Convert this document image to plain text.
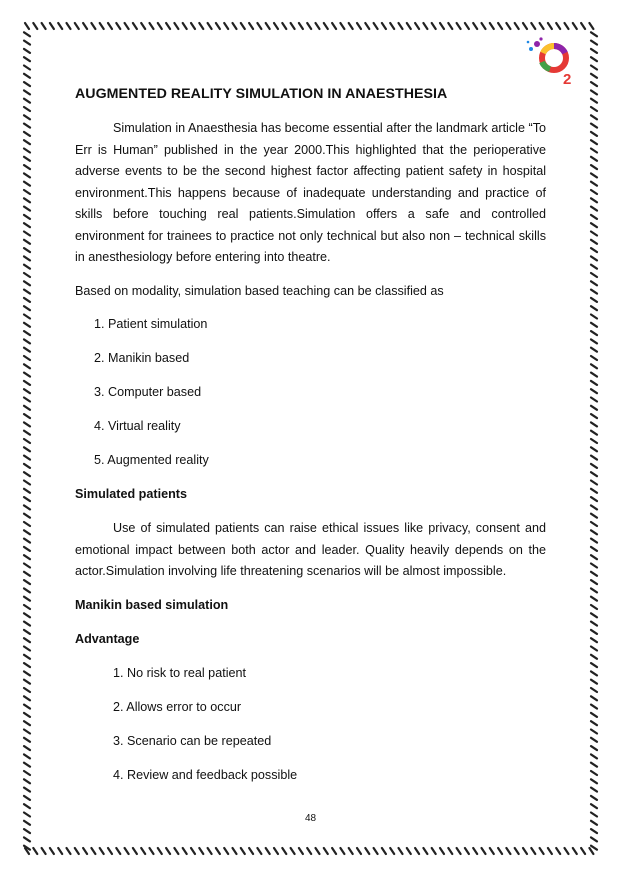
2
AUGMENTED REALITY SIMULATION IN ANAESTHESIA

Simulation in Anaesthesia has become essential after the landmark article “To Err is Human” published in the year 2000.This highlighted that the perioperative adverse events to be the second highest factor affecting patient safety in hospital environment.This happens because of inadequate understanding and practice of skills before touching real patients.Simulation offers a safe and controlled environment for trainees to practice not only technical but also non – technical skills in anesthesiology before entering into theatre.

Based on modality, simulation based teaching can be classified as

1. Patient simulation
2. Manikin based
3. Computer based
4. Virtual reality
5. Augmented reality

Simulated patients

Use of simulated patients can raise ethical issues like privacy, consent and emotional impact between both actor and leader. Quality heavily depends on the actor.Simulation involving life threatening scenarios will be almost impossible.

Manikin based simulation

Advantage

1. No risk to real patient
2. Allows error to occur
3. Scenario can be repeated
4. Review and feedback possible
48
